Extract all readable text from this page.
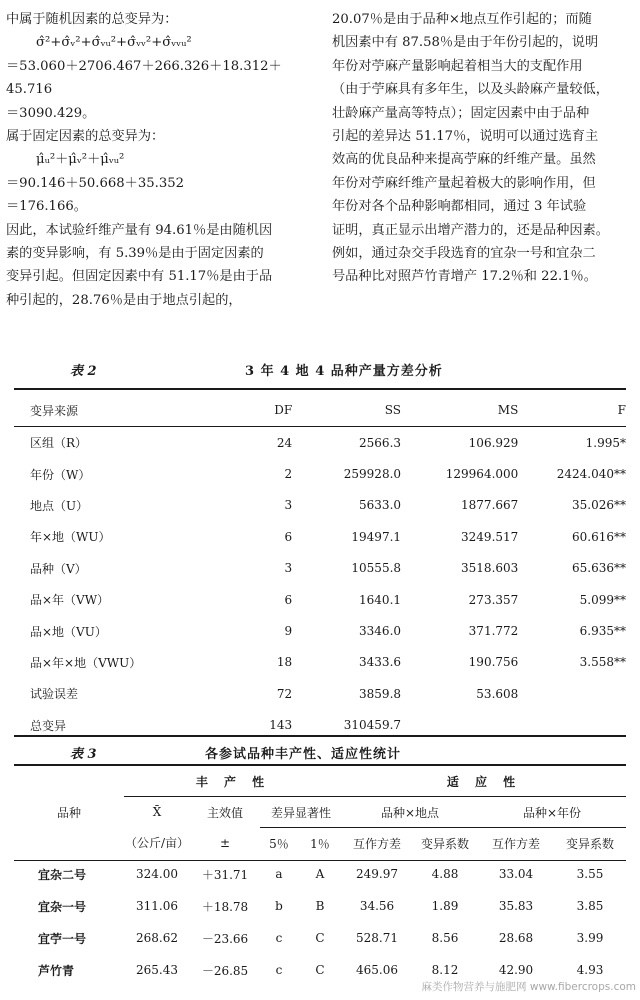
中属于随机因素的总变异为：

σ̂²+σ̂ᵥ²+σ̂ᵥᵤ²+σ̂ᵥᵥ²+σ̂ᵥᵥᵤ²

＝53.060＋2706.467＋266.326＋18.312＋

45.716

＝3090.429。

属于固定因素的总变异为：

μ̂ᵤ²＋μ̂ᵥ²＋μ̂ᵥᵤ²

＝90.146＋50.668＋35.352

＝176.166。

因此，本试验纤维产量有 94.61％是由随机因

素的变异影响，有 5.39％是由于固定因素的

变异引起。但固定因素中有 51.17％是由于品

种引起的，28.76％是由于地点引起的，

20.07％是由于品种×地点互作引起的；而随

机因素中有 87.58％是由于年份引起的，说明

年份对苧麻产量影响起着相当大的支配作用

（由于苧麻具有多年生，以及头龄麻产量较低，

壮龄麻产量高等特点）；固定因素中由于品种

引起的差异达 51.17％，说明可以通过选育主

效高的优良品种来提高苧麻的纤维产量。虽然

年份对苧麻纤维产量起着极大的影响作用，但

年份对各个品种影响都相同，通过 3 年试验

证明，真正显示出增产潜力的，还是品种因素。

例如，通过杂交手段选育的宜杂一号和宜杂二

号品种比对照芦竹青增产 17.2％和 22.1％。

表 2	3 年 4 地 4 品种产量方差分析
变异来源	DF	SS	MS	F
区组（R）	24	2566.3	106.929	1.995*
年份（W）	2	259928.0	129964.000	2424.040**
地点（U）	3	5633.0	1877.667	35.026**
年×地（WU）	6	19497.1	3249.517	60.616**
品种（V）	3	10555.8	3518.603	65.636**
品×年（VW）	6	1640.1	273.357	5.099**
品×地（VU）	9	3346.0	371.772	6.935**
品×年×地（VWU）	18	3433.6	190.756	3.558**
试验误差	72	3859.8	53.608	
总变异	143	310459.7		
表 3	各参试品种丰产性、适应性统计
	丰 产 性				适 应 性			
品种	X̄	主效值	差异显著性		品种×地点		品种×年份	
	（公斤/亩）	±	5％	1％	互作方差	变异系数	互作方差	变异系数
宜杂二号	324.00	＋31.71	a	A	249.97	4.88	33.04	3.55
宜杂一号	311.06	＋18.78	b	B	34.56	1.89	35.83	3.85
宜苧一号	268.62	－23.66	c	C	528.71	8.56	28.68	3.99
芦竹青	265.43	－26.85	c	C	465.06	8.12	42.90	4.93
麻类作物营养与施肥网 www.fibercrops.com
